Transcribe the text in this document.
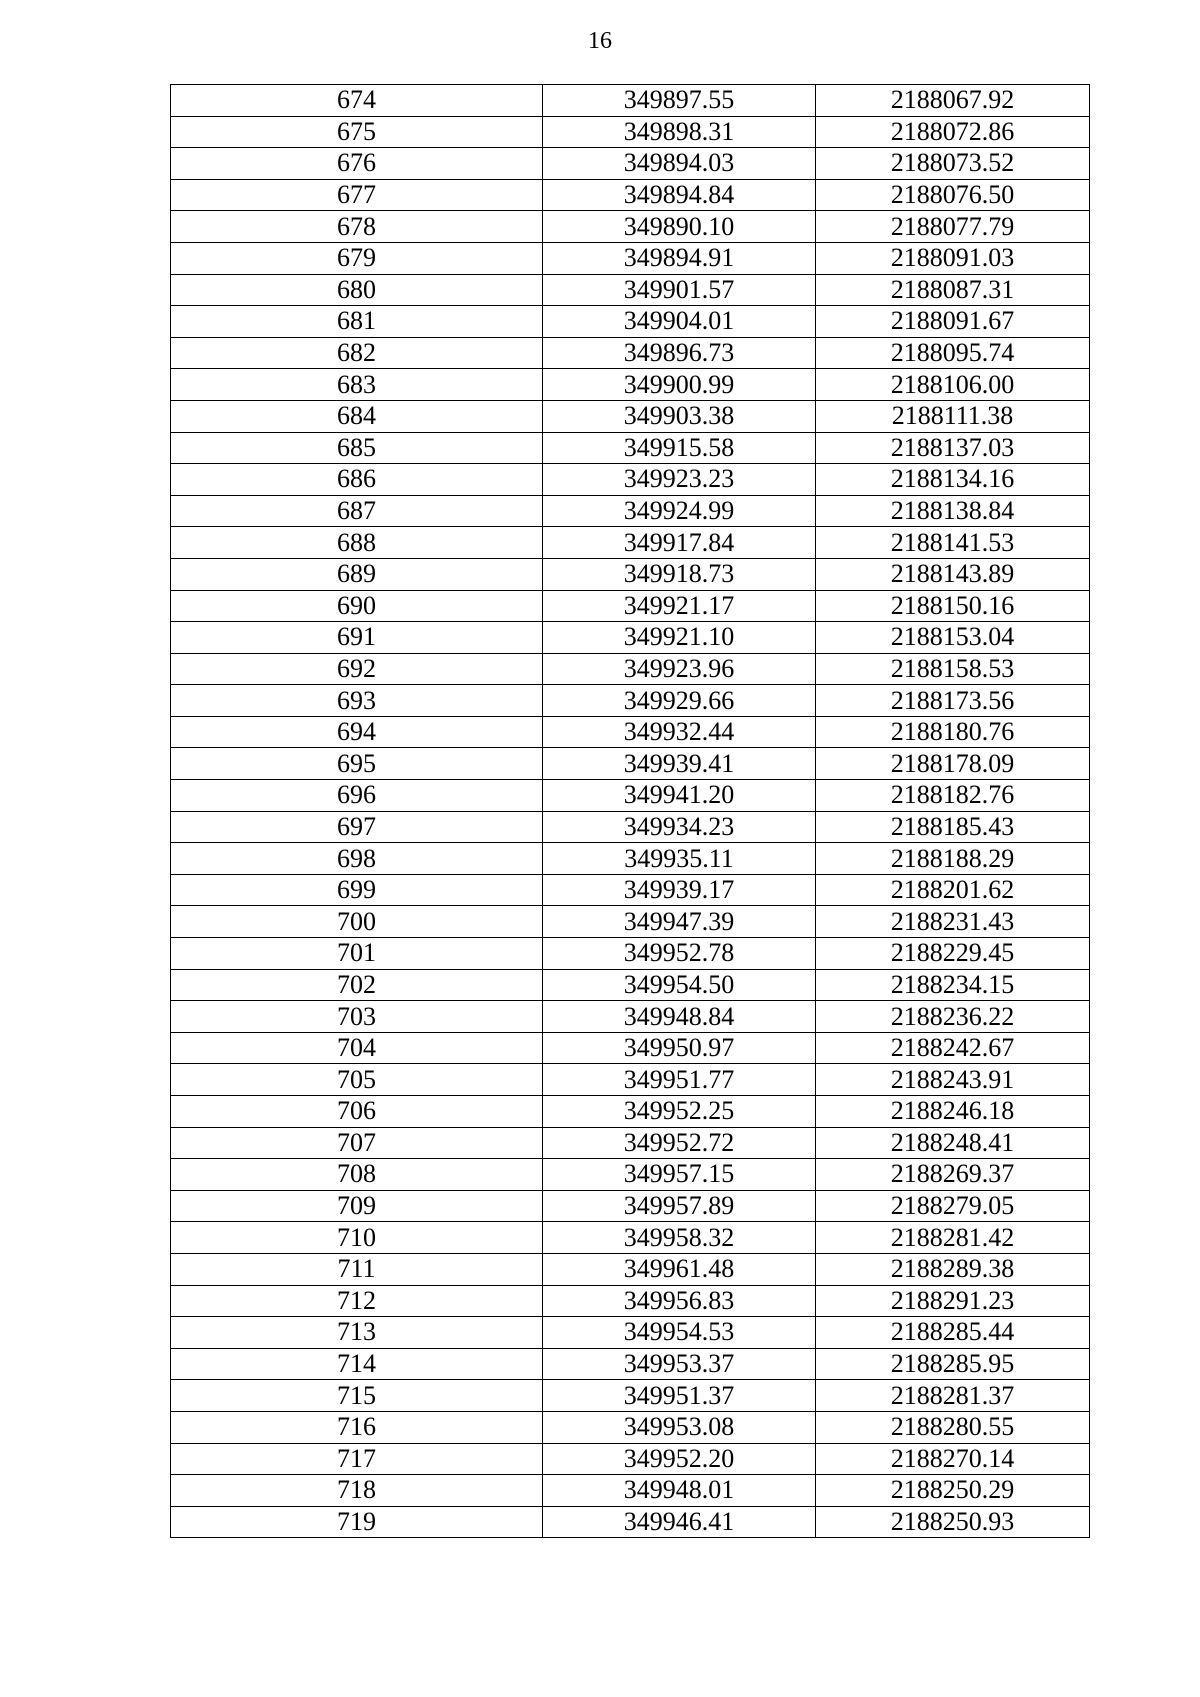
16
674	349897.55	2188067.92
675	349898.31	2188072.86
676	349894.03	2188073.52
677	349894.84	2188076.50
678	349890.10	2188077.79
679	349894.91	2188091.03
680	349901.57	2188087.31
681	349904.01	2188091.67
682	349896.73	2188095.74
683	349900.99	2188106.00
684	349903.38	2188111.38
685	349915.58	2188137.03
686	349923.23	2188134.16
687	349924.99	2188138.84
688	349917.84	2188141.53
689	349918.73	2188143.89
690	349921.17	2188150.16
691	349921.10	2188153.04
692	349923.96	2188158.53
693	349929.66	2188173.56
694	349932.44	2188180.76
695	349939.41	2188178.09
696	349941.20	2188182.76
697	349934.23	2188185.43
698	349935.11	2188188.29
699	349939.17	2188201.62
700	349947.39	2188231.43
701	349952.78	2188229.45
702	349954.50	2188234.15
703	349948.84	2188236.22
704	349950.97	2188242.67
705	349951.77	2188243.91
706	349952.25	2188246.18
707	349952.72	2188248.41
708	349957.15	2188269.37
709	349957.89	2188279.05
710	349958.32	2188281.42
711	349961.48	2188289.38
712	349956.83	2188291.23
713	349954.53	2188285.44
714	349953.37	2188285.95
715	349951.37	2188281.37
716	349953.08	2188280.55
717	349952.20	2188270.14
718	349948.01	2188250.29
719	349946.41	2188250.93
